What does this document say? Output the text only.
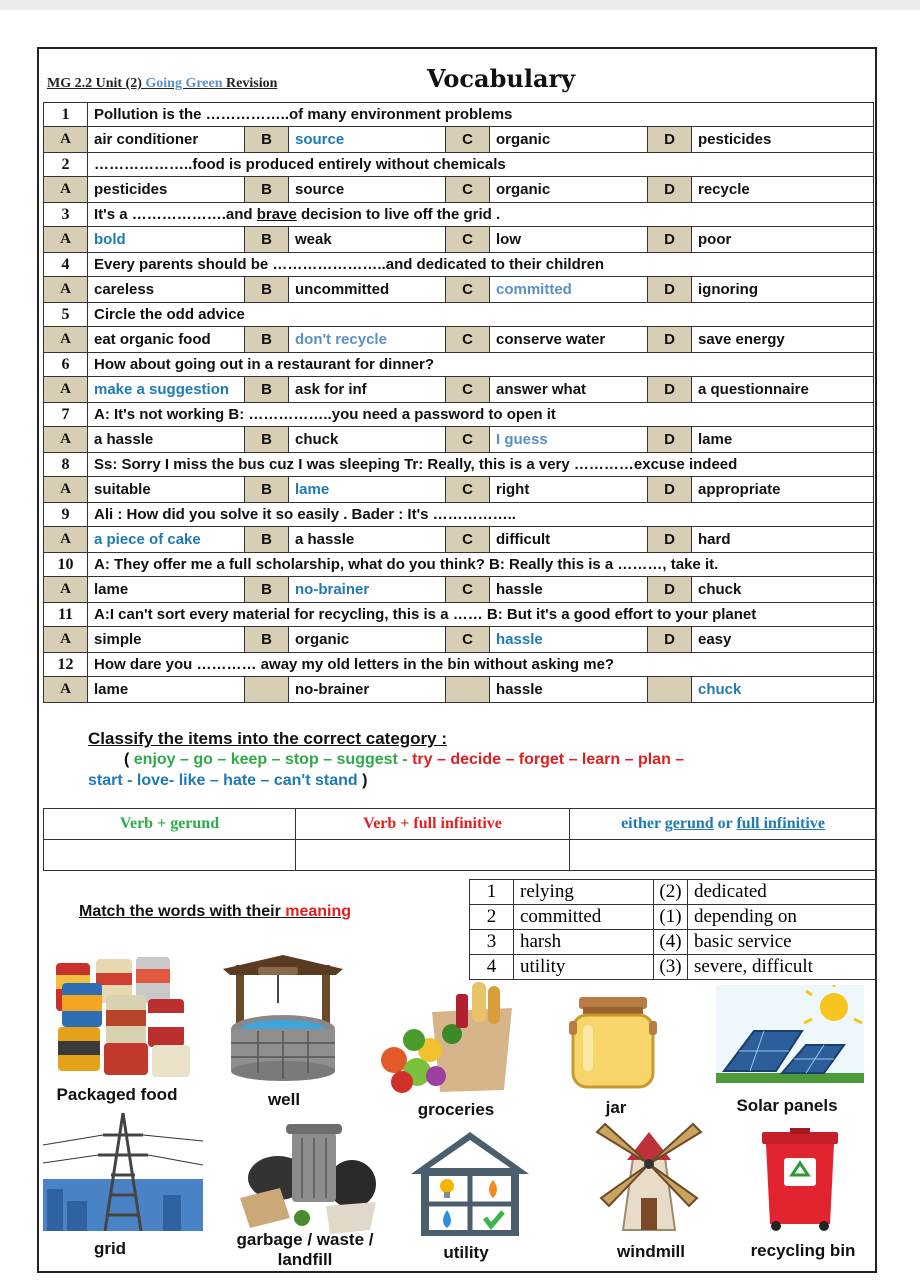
MG 2.2 Unit (2) Going Green Revision	Vocabulary
1	Pollution is the ……………..of many environment problems						
A	air conditioner	B	source	C	organic	D	pesticides
2	………………..food is produced entirely without chemicals						
A	pesticides	B	source	C	organic	D	recycle
3	It's a ……………….and brave decision to live off the grid .						
A	bold	B	weak	C	low	D	poor
4	Every parents should be …………………..and dedicated to their children						
A	careless	B	uncommitted	C	committed	D	ignoring
5	Circle the odd advice						
A	eat organic food	B	don't recycle	C	conserve water	D	save energy
6	How about going out in a restaurant for dinner?						
A	make a suggestion	B	ask for inf	C	answer what	D	a questionnaire
7	A: It's not working B: ……………..you need a password to open it						
A	a hassle	B	chuck	C	I guess	D	lame
8	Ss: Sorry I miss the bus cuz I was sleeping Tr: Really, this is a very …………excuse indeed						
A	suitable	B	lame	C	right	D	appropriate
9	Ali : How did you solve it so easily . Bader : It's ……………..						
A	a piece of cake	B	a hassle	C	difficult	D	hard
10	A: They offer me a full scholarship, what do you think? B: Really this is a ………, take it.						
A	lame	B	no-brainer	C	hassle	D	chuck
11	A:I can't sort every material for recycling, this is a …… B: But it's a good effort to your planet						
A	simple	B	organic	C	hassle	D	easy
12	How dare you ………… away my old letters in the bin without asking me?						
A	lame		no-brainer		hassle		chuck
Classify the items into the correct category :
( enjoy – go – keep – stop – suggest - try – decide – forget – learn – plan –
start - love- like – hate – can't stand )
Verb + gerund	Verb + full infinitive	either gerund or full infinitive

Match the words with their meaning
1	relying	(2)	dedicated
2	committed	(1)	depending on
3	harsh	(4)	basic service
4	utility	(3)	severe, difficult
Packaged food	well
groceries	jar	Solar panels
grid	garbage / waste / landfill	utility	windmill	recycling bin
